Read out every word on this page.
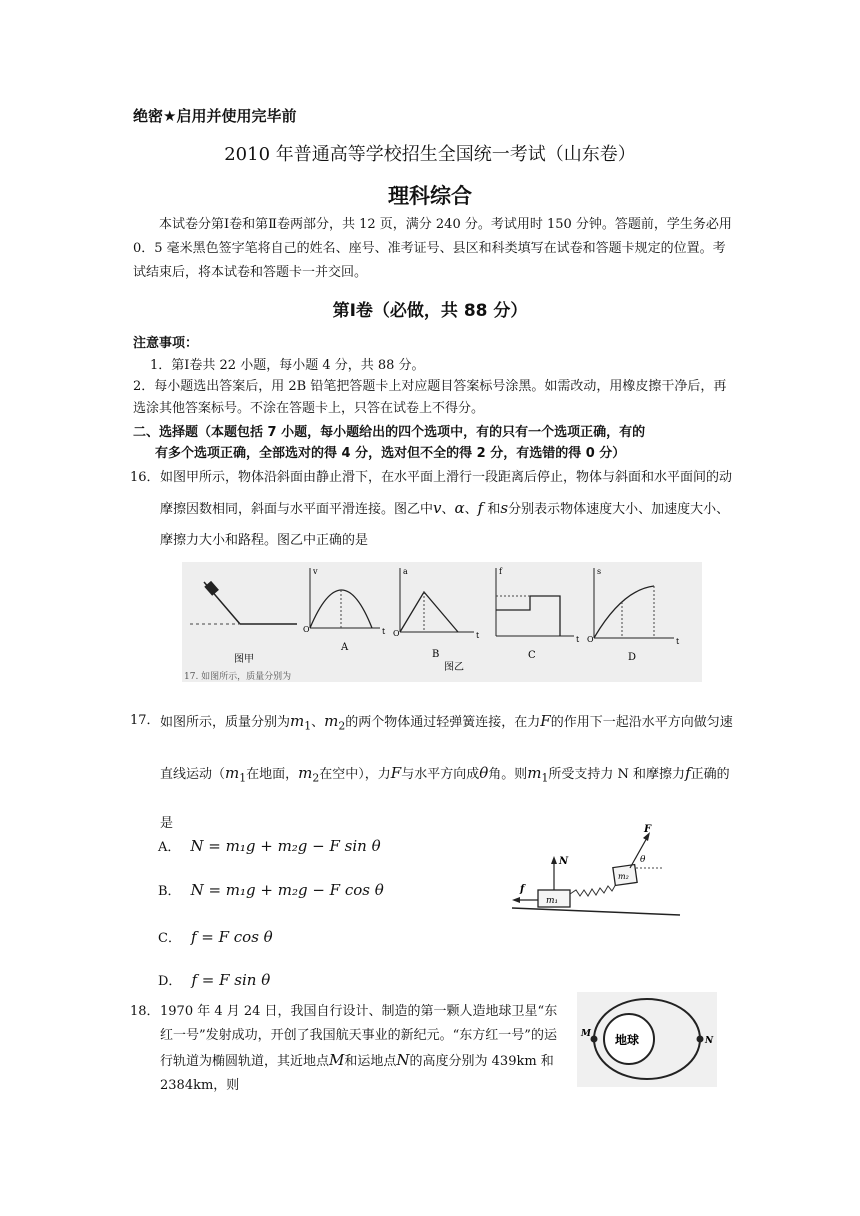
绝密★启用并使用完毕前
2010 年普通高等学校招生全国统一考试（山东卷）
理科综合
本试卷分第Ⅰ卷和第Ⅱ卷两部分，共 12 页，满分 240 分。考试用时 150 分钟。答题前，学生务必用 0．5 毫米黑色签字笔将自己的姓名、座号、准考证号、县区和科类填写在试卷和答题卡规定的位置。考试结束后，将本试卷和答题卡一并交回。
第Ⅰ卷（必做，共 88 分）
注意事项：
1．第Ⅰ卷共 22 小题，每小题 4 分，共 88 分。
2．每小题选出答案后，用 2B 铅笔把答题卡上对应题目答案标号涂黑。如需改动，用橡皮擦干净后，再选涂其他答案标号。不涂在答题卡上，只答在试卷上不得分。
二、选择题（本题包括 7 小题，每小题给出的四个选项中，有的只有一个选项正确，有的
有多个选项正确，全部选对的得 4 分，选对但不全的得 2 分，有选错的得 0 分）
16． 如图甲所示，物体沿斜面由静止滑下，在水平面上滑行一段距离后停止，物体与斜面和水平面间的动摩擦因数相同，斜面与水平面平滑连接。图乙中v、α、f 和s分别表示物体速度大小、加速度大小、摩擦力大小和路程。图乙中正确的是
图甲
O	t
v
A
O	t
a
B
图乙
t
f
C
O	t
s
D
17. 如图所示，质量分别为
17． 如图所示，质量分别为$m_1$、$m_2$的两个物体通过轻弹簧连接，在力F的作用下一起沿水平方向做匀速直线运动（$m_1$在地面，$m_2$在空中），力F与水平方向成θ角。则$m_1$所受支持力 N 和摩擦力f正确的是
A． N = m₁g + m₂g − F sin θ
B． N = m₁g + m₂g − F cos θ
C． f = F cos θ
D． f = F sin θ
m₁
N
f
m₂
F
θ
18． 1970 年 4 月 24 日，我国自行设计、制造的第一颗人造地球卫星“东红一号”发射成功，开创了我国航天事业的新纪元。“东方红一号”的运行轨道为椭圆轨道，其近地点M和运地点N的高度分别为 439km 和 2384km，则
地球
M
N
